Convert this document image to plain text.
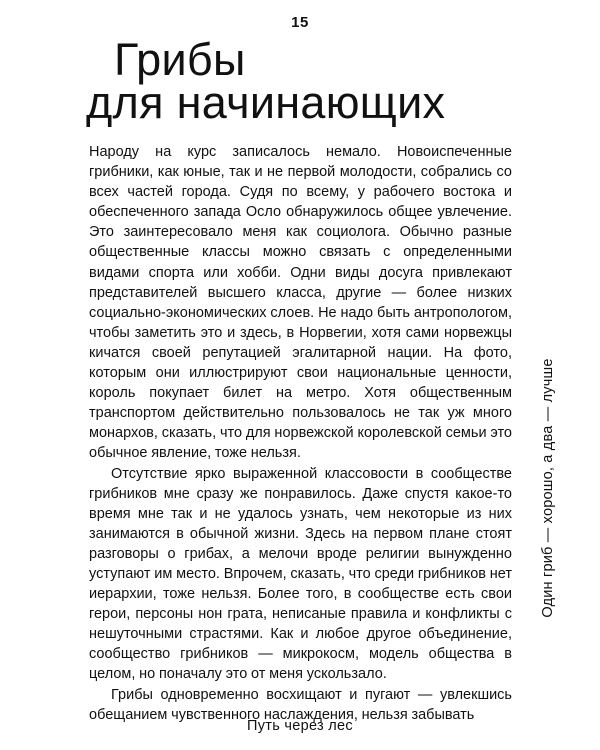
15
Грибы
для начинающих

Народу на курс записалось немало. Новоиспеченные грибники, как юные, так и не первой молодости, собрались со всех частей города. Судя по всему, у рабочего востока и обеспеченного запада Осло обнаружилось общее увлечение. Это заинтересовало меня как социолога. Обычно разные общественные классы можно связать с определенными видами спорта или хобби. Одни виды досуга привлекают представителей высшего класса, другие — более низких социально-экономических слоев. Не надо быть антропологом, чтобы заметить это и здесь, в Норвегии, хотя сами норвежцы кичатся своей репутацией эгалитарной нации. На фото, которым они иллюстрируют свои национальные ценности, король покупает билет на метро. Хотя общественным транспортом действительно пользовалось не так уж много монархов, сказать, что для норвежской королевской семьи это обычное явление, тоже нельзя.

Отсутствие ярко выраженной классовости в сообществе грибников мне сразу же понравилось. Даже спустя какое-то время мне так и не удалось узнать, чем некоторые из них занимаются в обычной жизни. Здесь на первом плане стоят разговоры о грибах, а мелочи вроде религии вынужденно уступают им место. Впрочем, сказать, что среди грибников нет иерархии, тоже нельзя. Более того, в сообществе есть свои герои, персоны нон грата, неписаные правила и конфликты с нешуточными страстями. Как и любое другое объединение, сообщество грибников — микрокосм, модель общества в целом, но поначалу это от меня ускользало.

Грибы одновременно восхищают и пугают — увлекшись обещанием чувственного наслаждения, нельзя забывать

Один гриб — хорошо, а два — лучше
Путь через лес
